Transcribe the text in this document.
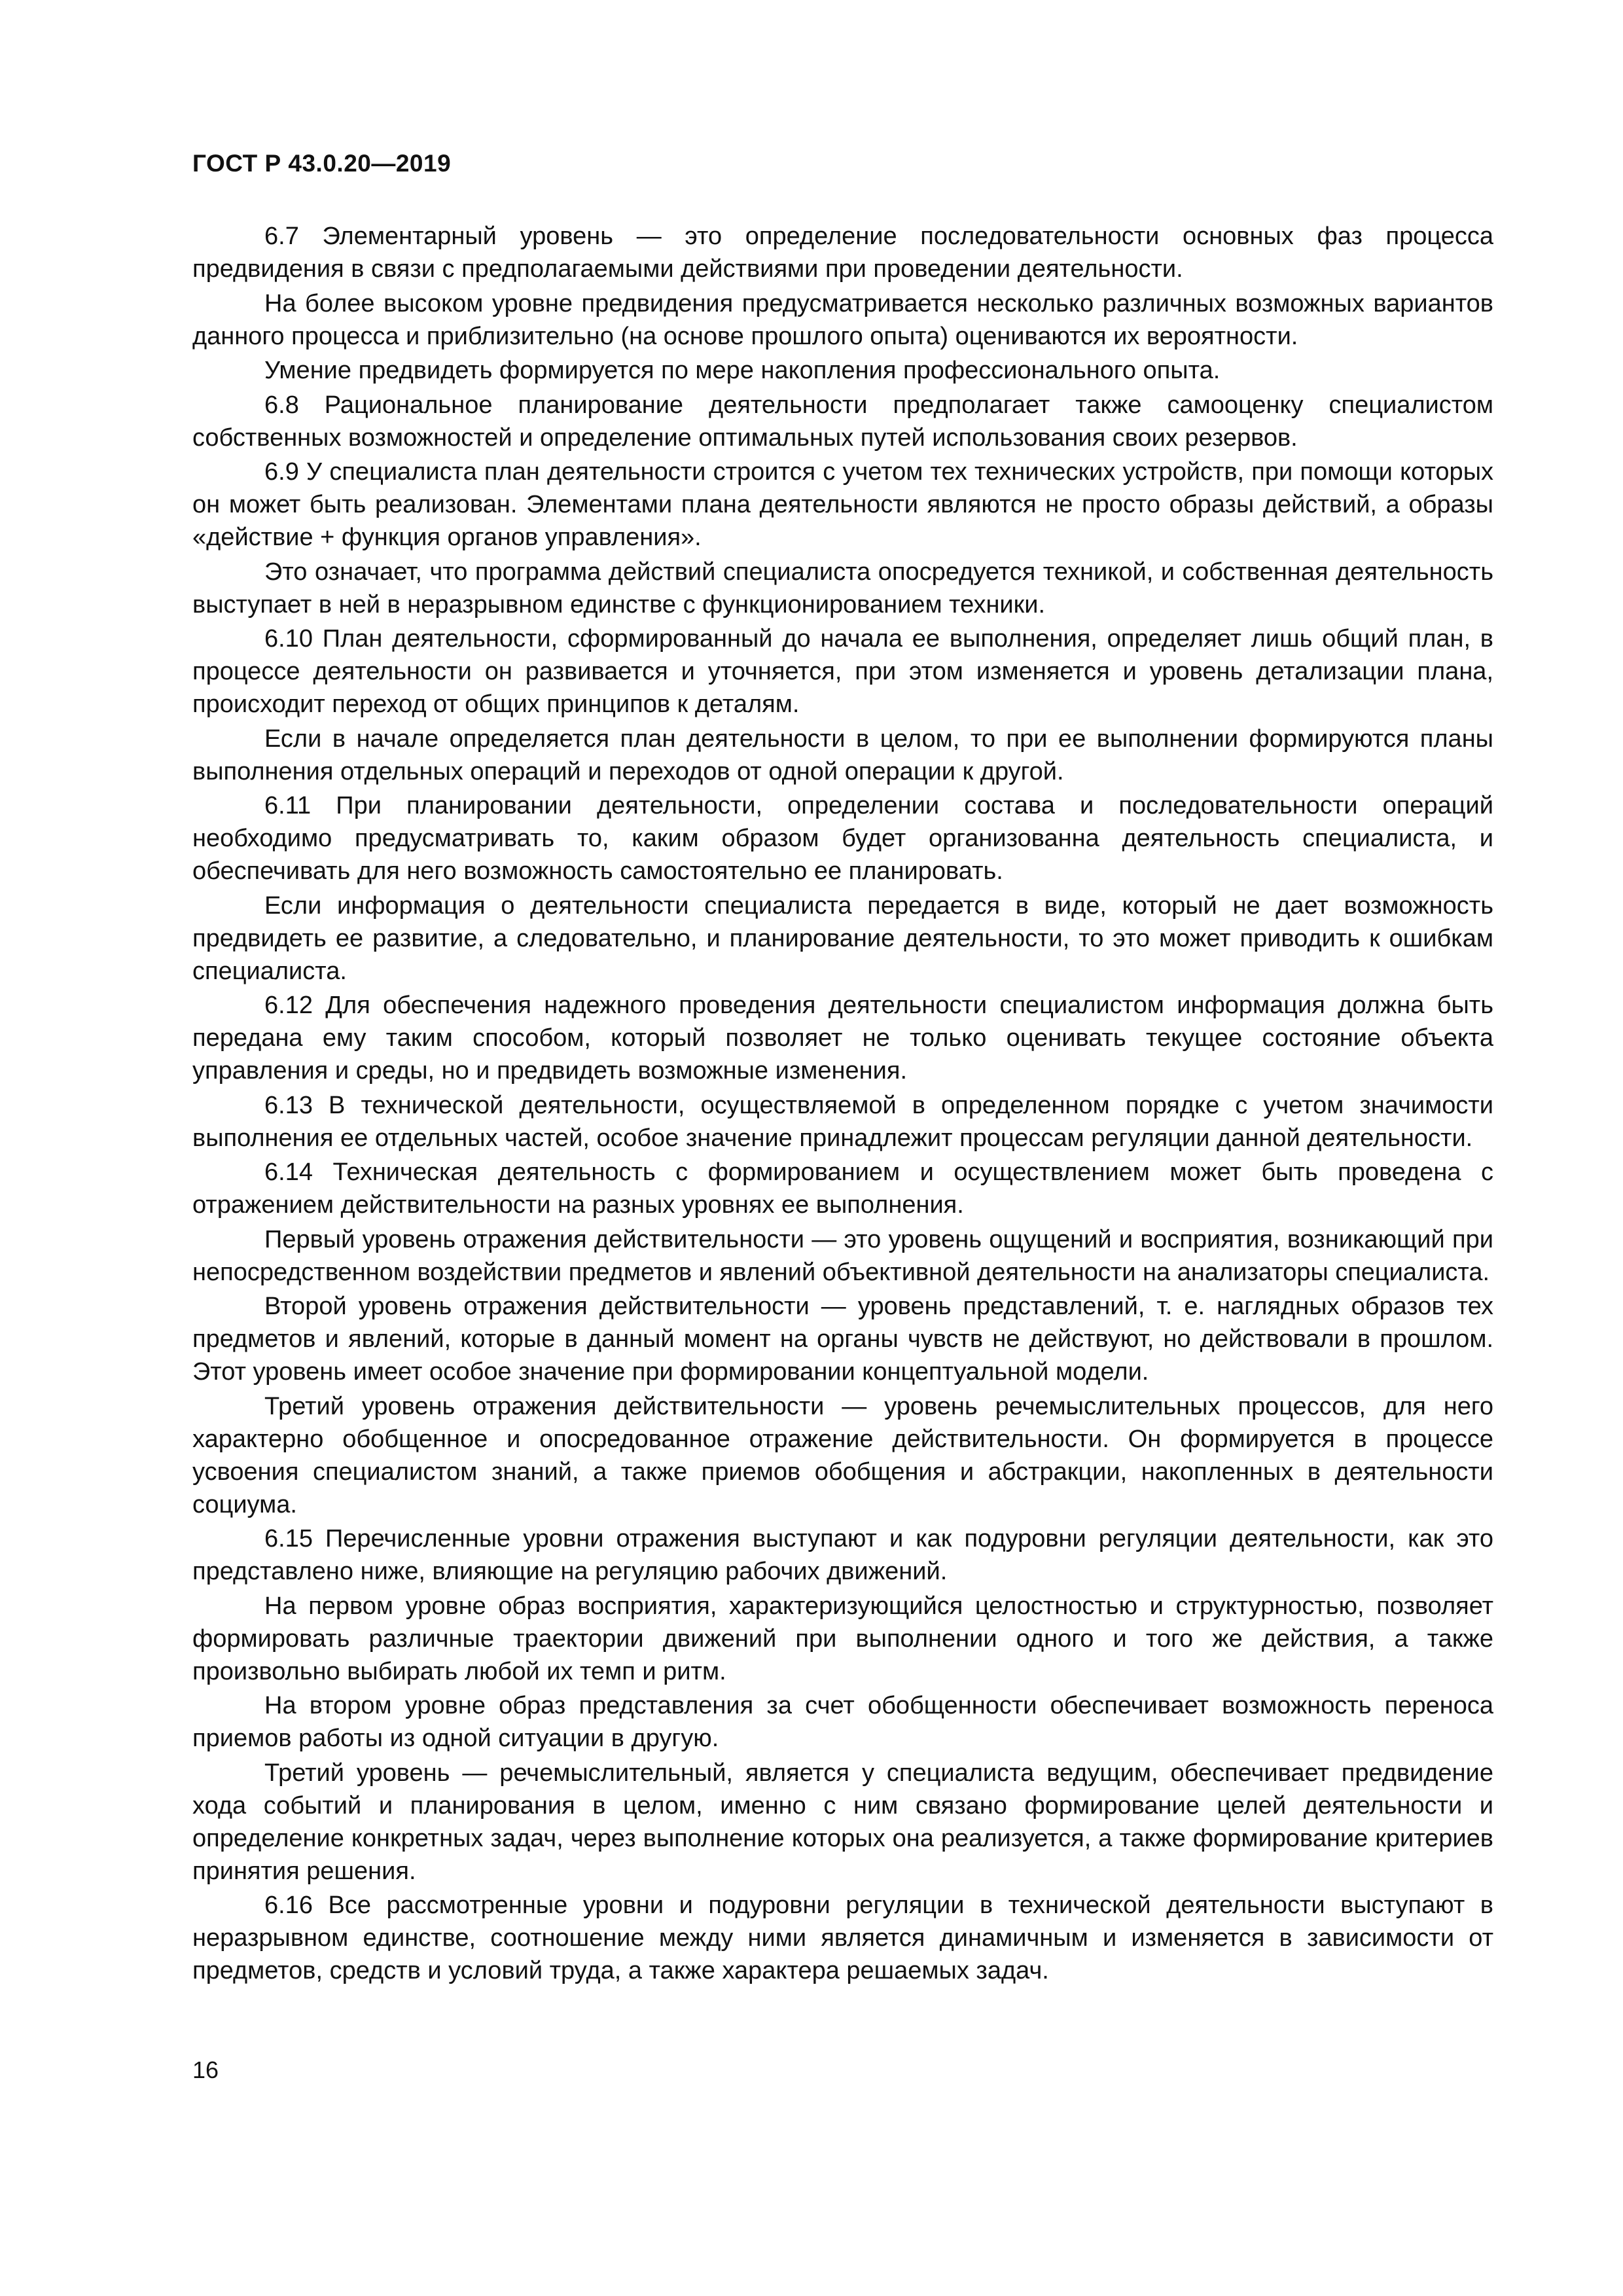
ГОСТ Р 43.0.20—2019

6.7 Элементарный уровень — это определение последовательности основных фаз процесса предвидения в связи с предполагаемыми действиями при проведении деятельности.

На более высоком уровне предвидения предусматривается несколько различных возможных вариантов данного процесса и приблизительно (на основе прошлого опыта) оцениваются их вероятности.

Умение предвидеть формируется по мере накопления профессионального опыта.

6.8 Рациональное планирование деятельности предполагает также самооценку специалистом собственных возможностей и определение оптимальных путей использования своих резервов.

6.9 У специалиста план деятельности строится с учетом тех технических устройств, при помощи которых он может быть реализован. Элементами плана деятельности являются не просто образы действий, а образы «действие + функция органов управления».

Это означает, что программа действий специалиста опосредуется техникой, и собственная деятельность выступает в ней в неразрывном единстве с функционированием техники.

6.10 План деятельности, сформированный до начала ее выполнения, определяет лишь общий план, в процессе деятельности он развивается и уточняется, при этом изменяется и уровень детализации плана, происходит переход от общих принципов к деталям.

Если в начале определяется план деятельности в целом, то при ее выполнении формируются планы выполнения отдельных операций и переходов от одной операции к другой.

6.11 При планировании деятельности, определении состава и последовательности операций необходимо предусматривать то, каким образом будет организованна деятельность специалиста, и обеспечивать для него возможность самостоятельно ее планировать.

Если информация о деятельности специалиста передается в виде, который не дает возможность предвидеть ее развитие, а следовательно, и планирование деятельности, то это может приводить к ошибкам специалиста.

6.12 Для обеспечения надежного проведения деятельности специалистом информация должна быть передана ему таким способом, который позволяет не только оценивать текущее состояние объекта управления и среды, но и предвидеть возможные изменения.

6.13 В технической деятельности, осуществляемой в определенном порядке с учетом значимости выполнения ее отдельных частей, особое значение принадлежит процессам регуляции данной деятельности.

6.14 Техническая деятельность с формированием и осуществлением может быть проведена с отражением действительности на разных уровнях ее выполнения.

Первый уровень отражения действительности — это уровень ощущений и восприятия, возникающий при непосредственном воздействии предметов и явлений объективной деятельности на анализаторы специалиста.

Второй уровень отражения действительности — уровень представлений, т. е. наглядных образов тех предметов и явлений, которые в данный момент на органы чувств не действуют, но действовали в прошлом. Этот уровень имеет особое значение при формировании концептуальной модели.

Третий уровень отражения действительности — уровень речемыслительных процессов, для него характерно обобщенное и опосредованное отражение действительности. Он формируется в процессе усвоения специалистом знаний, а также приемов обобщения и абстракции, накопленных в деятельности социума.

6.15 Перечисленные уровни отражения выступают и как подуровни регуляции деятельности, как это представлено ниже, влияющие на регуляцию рабочих движений.

На первом уровне образ восприятия, характеризующийся целостностью и структурностью, позволяет формировать различные траектории движений при выполнении одного и того же действия, а также произвольно выбирать любой их темп и ритм.

На втором уровне образ представления за счет обобщенности обеспечивает возможность переноса приемов работы из одной ситуации в другую.

Третий уровень — речемыслительный, является у специалиста ведущим, обеспечивает предвидение хода событий и планирования в целом, именно с ним связано формирование целей деятельности и определение конкретных задач, через выполнение которых она реализуется, а также формирование критериев принятия решения.

6.16 Все рассмотренные уровни и подуровни регуляции в технической деятельности выступают в неразрывном единстве, соотношение между ними является динамичным и изменяется в зависимости от предметов, средств и условий труда, а также характера решаемых задач.

16
